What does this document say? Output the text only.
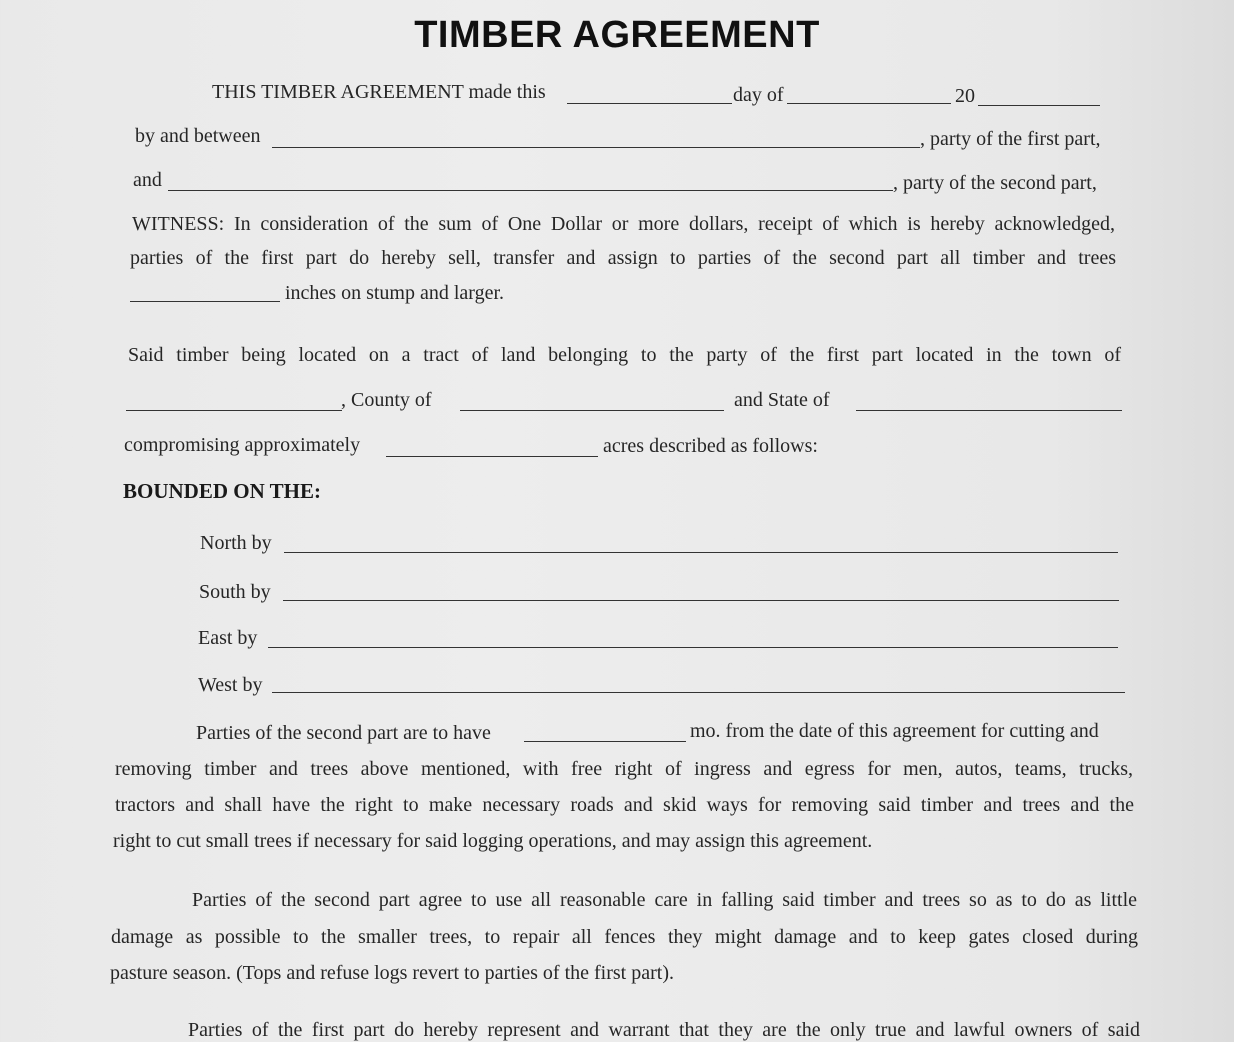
TIMBER AGREEMENT
THIS TIMBER AGREEMENT made this	day of	20
by and between	, party of the first part,
and	, party of the second part,
WITNESS: In consideration of the sum of One Dollar or more dollars, receipt of which is hereby acknowledged,
parties of the first part do hereby sell, transfer and assign to parties of the second part all timber and trees
inches on stump and larger.
Said timber being located on a tract of land belonging to the party of the first part located in the town of
, County of	and State of
compromising approximately	acres described as follows:
BOUNDED ON THE:
North by
South by
East by
West by
Parties of the second part are to have	mo. from the date of this agreement for cutting and
removing timber and trees above mentioned, with free right of ingress and egress for men, autos, teams, trucks,
tractors and shall have the right to make necessary roads and skid ways for removing said timber and trees and the
right to cut small trees if necessary for said logging operations, and may assign this agreement.
Parties of the second part agree to use all reasonable care in falling said timber and trees so as to do as little
damage as possible to the smaller trees, to repair all fences they might damage and to keep gates closed during
pasture season. (Tops and refuse logs revert to parties of the first part).
Parties of the first part do hereby represent and warrant that they are the only true and lawful owners of said
